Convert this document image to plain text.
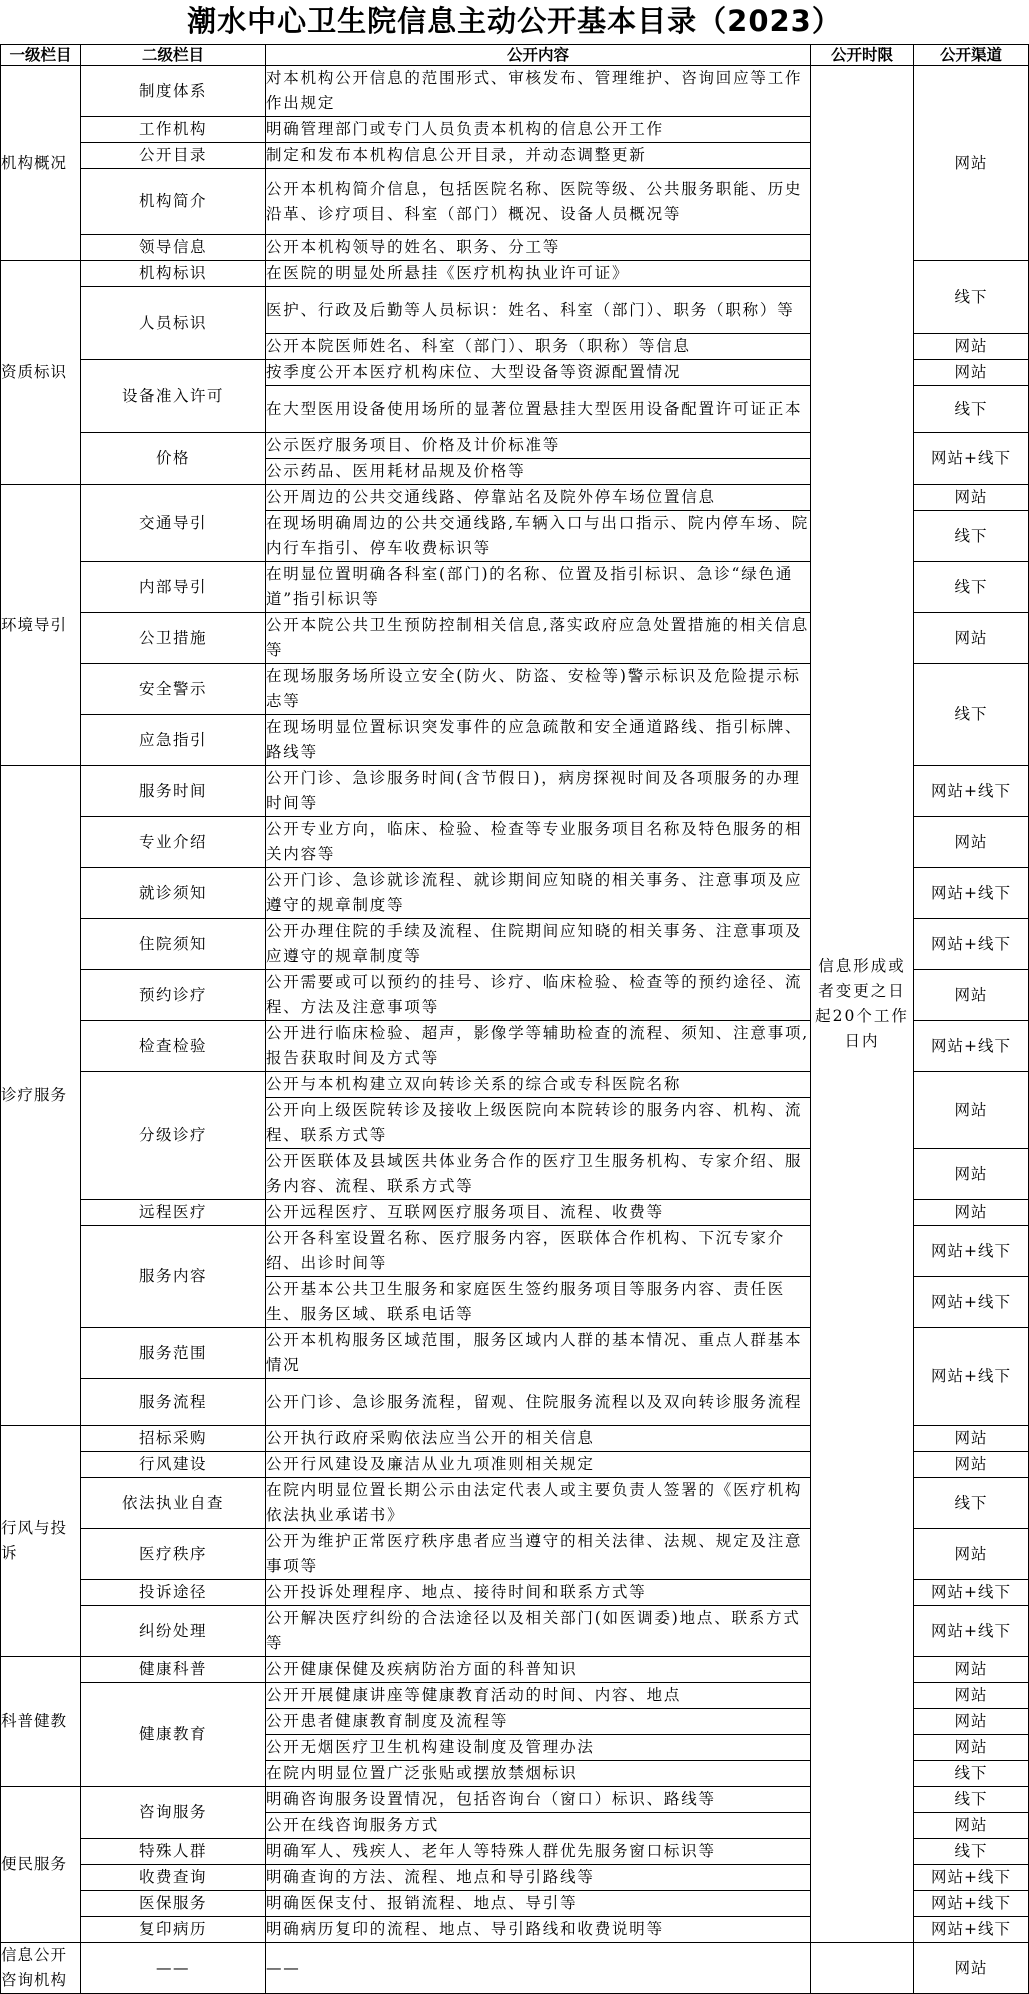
潮水中心卫生院信息主动公开基本目录（2023）
一级栏目	二级栏目	公开内容	公开时限	公开渠道
机构概况	制度体系	对本机构公开信息的范围形式、审核发布、管理维护、咨询回应等工作作出规定	信息形成或者变更之日起20个工作日内	网站
	工作机构	明确管理部门或专门人员负责本机构的信息公开工作		
	公开目录	制定和发布本机构信息公开目录，并动态调整更新		
	机构简介	公开本机构简介信息，包括医院名称、医院等级、公共服务职能、历史沿革、诊疗项目、科室（部门）概况、设备人员概况等		
	领导信息	公开本机构领导的姓名、职务、分工等		
资质标识	机构标识	在医院的明显处所悬挂《医疗机构执业许可证》		线下
	人员标识	医护、行政及后勤等人员标识：姓名、科室（部门）、职务（职称）等		
		公开本院医师姓名、科室（部门）、职务（职称）等信息		网站
	设备准入许可	按季度公开本医疗机构床位、大型设备等资源配置情况		网站
		在大型医用设备使用场所的显著位置悬挂大型医用设备配置许可证正本		线下
	价格	公示医疗服务项目、价格及计价标准等		网站+线下
		公示药品、医用耗材品规及价格等		
环境导引	交通导引	公开周边的公共交通线路、停靠站名及院外停车场位置信息		网站
		在现场明确周边的公共交通线路,车辆入口与出口指示、院内停车场、院内行车指引、停车收费标识等		线下
	内部导引	在明显位置明确各科室(部门)的名称、位置及指引标识、急诊“绿色通道”指引标识等		线下
	公卫措施	公开本院公共卫生预防控制相关信息,落实政府应急处置措施的相关信息等		网站
	安全警示	在现场服务场所设立安全(防火、防盗、安检等)警示标识及危险提示标志等		线下
	应急指引	在现场明显位置标识突发事件的应急疏散和安全通道路线、指引标牌、路线等		
诊疗服务	服务时间	公开门诊、急诊服务时间(含节假日)，病房探视时间及各项服务的办理时间等		网站+线下
	专业介绍	公开专业方向，临床、检验、检查等专业服务项目名称及特色服务的相关内容等		网站
	就诊须知	公开门诊、急诊就诊流程、就诊期间应知晓的相关事务、注意事项及应遵守的规章制度等		网站+线下
	住院须知	公开办理住院的手续及流程、住院期间应知晓的相关事务、注意事项及应遵守的规章制度等		网站+线下
	预约诊疗	公开需要或可以预约的挂号、诊疗、临床检验、检查等的预约途径、流程、方法及注意事项等		网站
	检查检验	公开进行临床检验、超声，影像学等辅助检查的流程、须知、注意事项,报告获取时间及方式等		网站+线下
	分级诊疗	公开与本机构建立双向转诊关系的综合或专科医院名称		网站
		公开向上级医院转诊及接收上级医院向本院转诊的服务内容、机构、流程、联系方式等		
		公开医联体及县域医共体业务合作的医疗卫生服务机构、专家介绍、服务内容、流程、联系方式等		网站
	远程医疗	公开远程医疗、互联网医疗服务项目、流程、收费等		网站
	服务内容	公开各科室设置名称、医疗服务内容，医联体合作机构、下沉专家介绍、出诊时间等		网站+线下
		公开基本公共卫生服务和家庭医生签约服务项目等服务内容、责任医生、服务区域、联系电话等		网站+线下
	服务范围	公开本机构服务区域范围，服务区域内人群的基本情况、重点人群基本情况		网站+线下
	服务流程	公开门诊、急诊服务流程，留观、住院服务流程以及双向转诊服务流程		
行风与投诉	招标采购	公开执行政府采购依法应当公开的相关信息		网站
	行风建设	公开行风建设及廉洁从业九项准则相关规定		网站
	依法执业自查	在院内明显位置长期公示由法定代表人或主要负责人签署的《医疗机构依法执业承诺书》		线下
	医疗秩序	公开为维护正常医疗秩序患者应当遵守的相关法律、法规、规定及注意事项等		网站
	投诉途径	公开投诉处理程序、地点、接待时间和联系方式等		网站+线下
	纠纷处理	公开解决医疗纠纷的合法途径以及相关部门(如医调委)地点、联系方式等		网站+线下
科普健教	健康科普	公开健康保健及疾病防治方面的科普知识		网站
	健康教育	公开开展健康讲座等健康教育活动的时间、内容、地点		网站
		公开患者健康教育制度及流程等		网站
		公开无烟医疗卫生机构建设制度及管理办法		网站
		在院内明显位置广泛张贴或摆放禁烟标识		线下
便民服务	咨询服务	明确咨询服务设置情况，包括咨询台（窗口）标识、路线等		线下
		公开在线咨询服务方式		网站
	特殊人群	明确军人、残疾人、老年人等特殊人群优先服务窗口标识等		线下
	收费查询	明确查询的方法、流程、地点和导引路线等		网站+线下
	医保服务	明确医保支付、报销流程、地点、导引等		网站+线下
	复印病历	明确病历复印的流程、地点、导引路线和收费说明等		网站+线下
信息公开咨询机构	——	——		网站
